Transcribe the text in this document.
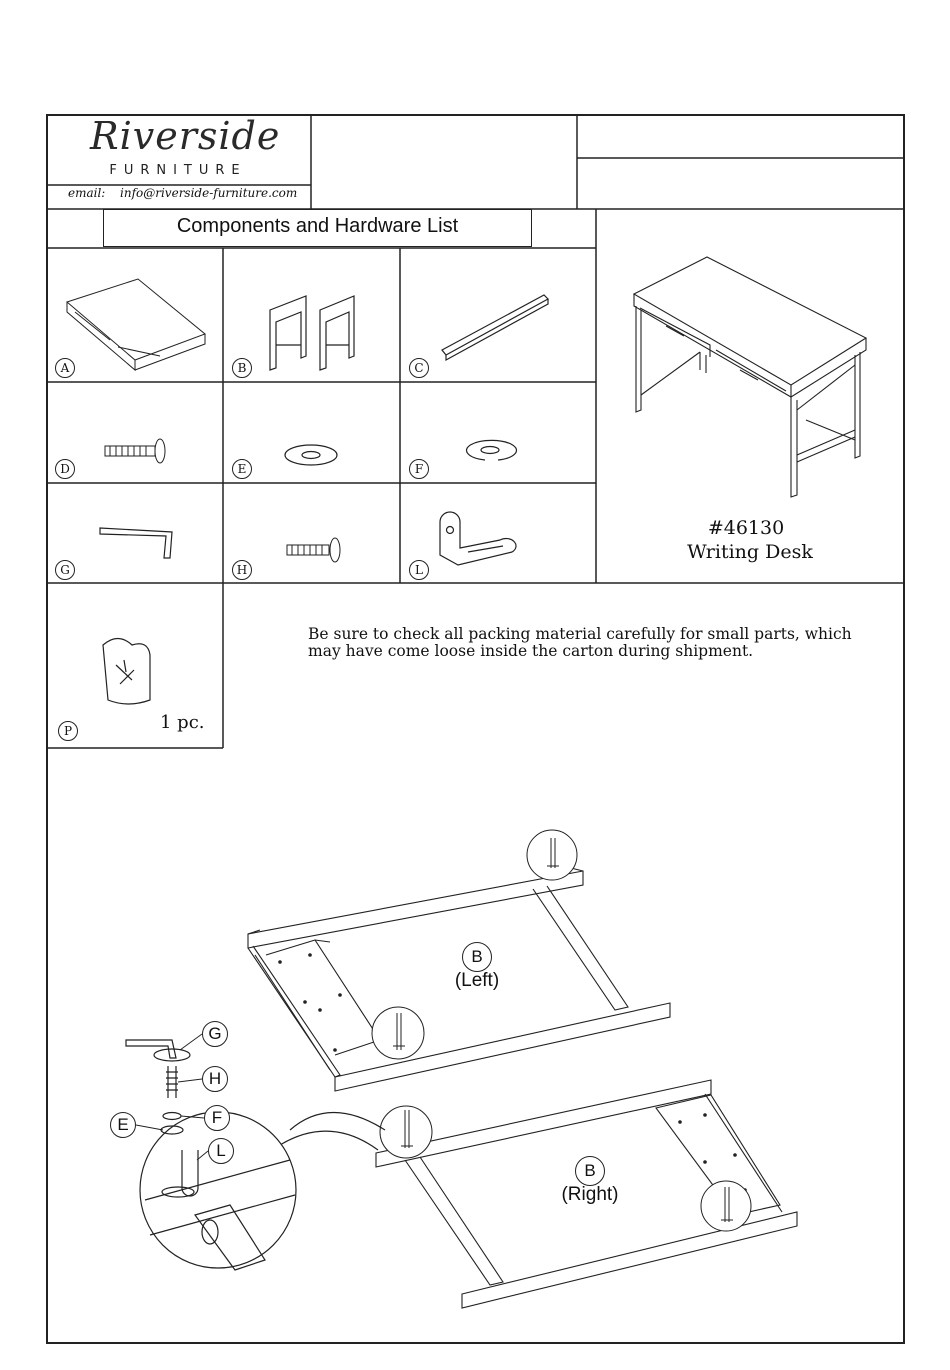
Riverside
FURNITURE
email: info@riverside-furniture.com
Components and Hardware List
A	B	C
D	E	F
G	H	L
P	1 pc.
#46130
Writing Desk
Be sure to check all packing material carefully for small parts, which may have come loose inside the carton during shipment.
B
(Left)
B
(Right)
G
H
E	F
L
